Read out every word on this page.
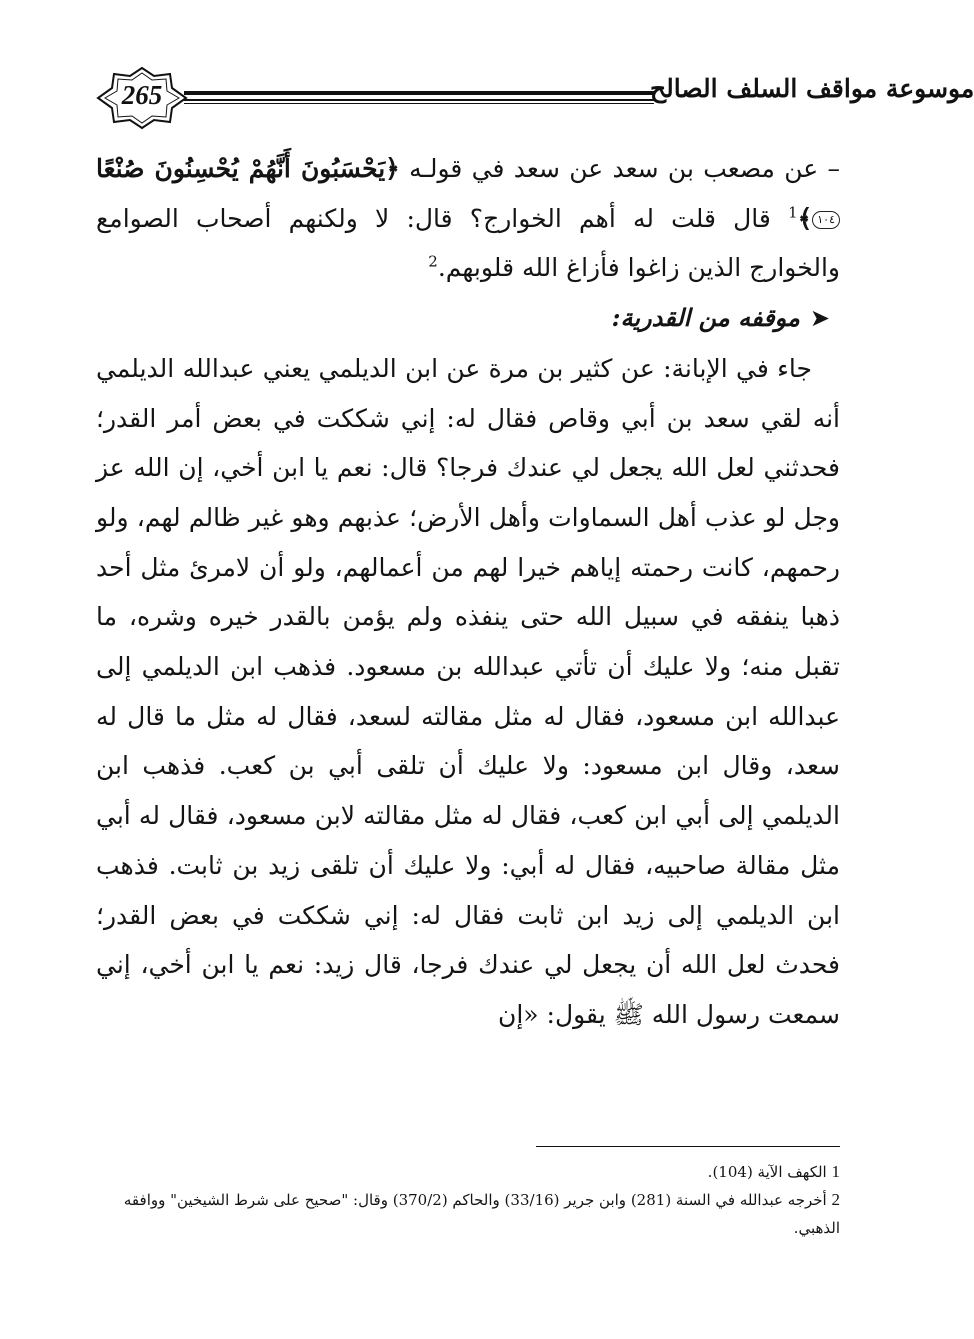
265	موسوعة مواقف السلف الصالح

– عن مصعب بن سعد عن سعد في قولـه ﴿يَحْسَبُونَ أَنَّهُمْ يُحْسِنُونَ صُنْعًا ١٠٤﴾$^1$ قال قلت له أهم الخوارج؟ قال: لا ولكنهم أصحاب الصوامع والخوارج الذين زاغوا فأزاغ الله قلوبهم.$^2$

➤موقفه من القدرية:

جاء في الإبانة: عن كثير بن مرة عن ابن الديلمي يعني عبدالله الديلمي أنه لقي سعد بن أبي وقاص فقال له: إني شككت في بعض أمر القدر؛ فحدثني لعل الله يجعل لي عندك فرجا؟ قال: نعم يا ابن أخي، إن الله عز وجل لو عذب أهل السماوات وأهل الأرض؛ عذبهم وهو غير ظالم لهم، ولو رحمهم، كانت رحمته إياهم خيرا لهم من أعمالهم، ولو أن لامرئ مثل أحد ذهبا ينفقه في سبيل الله حتى ينفذه ولم يؤمن بالقدر خيره وشره، ما تقبل منه؛ ولا عليك أن تأتي عبدالله بن مسعود. فذهب ابن الديلمي إلى عبدالله ابن مسعود، فقال له مثل مقالته لسعد، فقال له مثل ما قال له سعد، وقال ابن مسعود: ولا عليك أن تلقى أبي بن كعب. فذهب ابن الديلمي إلى أبي ابن كعب، فقال له مثل مقالته لابن مسعود، فقال له أبي مثل مقالة صاحبيه، فقال له أبي: ولا عليك أن تلقى زيد بن ثابت. فذهب ابن الديلمي إلى زيد ابن ثابت فقال له: إني شككت في بعض القدر؛ فحدث لعل الله أن يجعل لي عندك فرجا، قال زيد: نعم يا ابن أخي، إني سمعت رسول الله ﷺ يقول: «إن

1 الكهف الآية (104).

2 أخرجه عبدالله في السنة (281) وابن جرير (33/16) والحاكم (370/2) وقال: "صحيح على شرط الشيخين" ووافقه الذهبي.
